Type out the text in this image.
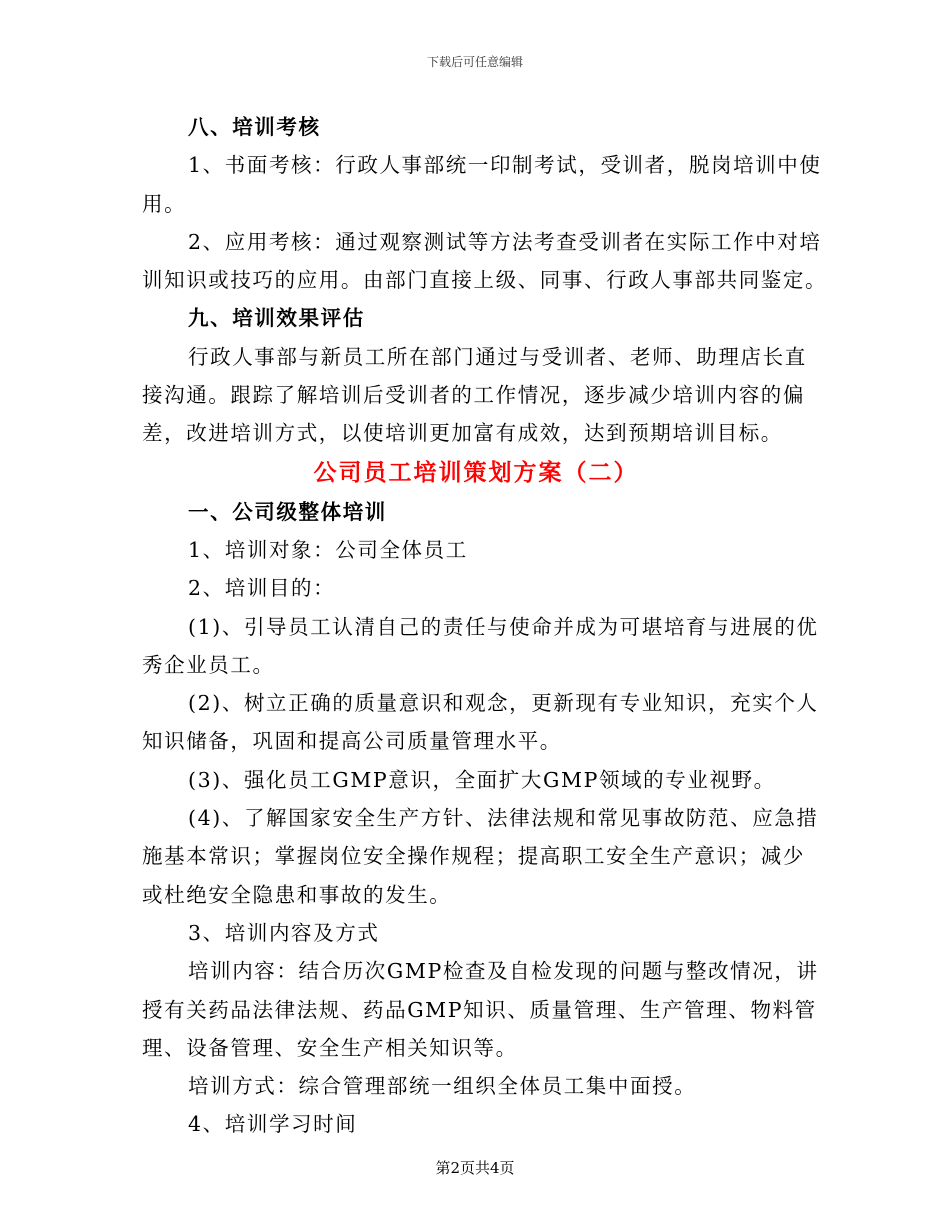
下载后可任意编辑
八、培训考核
1、书面考核：行政人事部统一印制考试，受训者，脱岗培训中使
用。
2、应用考核：通过观察测试等方法考查受训者在实际工作中对培
训知识或技巧的应用。由部门直接上级、同事、行政人事部共同鉴定。
九、培训效果评估
行政人事部与新员工所在部门通过与受训者、老师、助理店长直
接沟通。跟踪了解培训后受训者的工作情况，逐步减少培训内容的偏
差，改进培训方式，以使培训更加富有成效，达到预期培训目标。
公司员工培训策划方案（二）
一、公司级整体培训
1、培训对象：公司全体员工
2、培训目的：
(1)、引导员工认清自己的责任与使命并成为可堪培育与进展的优
秀企业员工。
(2)、树立正确的质量意识和观念，更新现有专业知识，充实个人
知识储备，巩固和提高公司质量管理水平。
(3)、强化员工GMP意识，全面扩大GMP领域的专业视野。
(4)、了解国家安全生产方针、法律法规和常见事故防范、应急措
施基本常识；掌握岗位安全操作规程；提高职工安全生产意识；减少
或杜绝安全隐患和事故的发生。
3、培训内容及方式
培训内容：结合历次GMP检查及自检发现的问题与整改情况，讲
授有关药品法律法规、药品GMP知识、质量管理、生产管理、物料管
理、设备管理、安全生产相关知识等。
培训方式：综合管理部统一组织全体员工集中面授。
4、培训学习时间
第2页共4页
